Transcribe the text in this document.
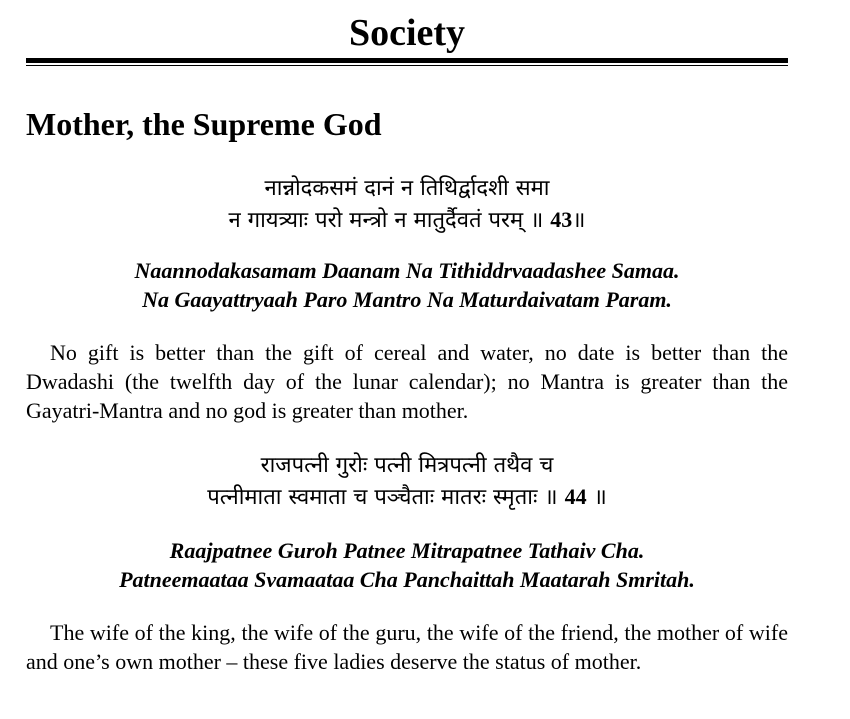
Society
Mother, the Supreme God
नान्नोदकसमं दानं न तिथिर्द्वादशी समा
न गायत्र्याः परो मन्त्रो न मातुर्दैवतं परम् ॥ 43॥
Naannodakasamam Daanam Na Tithiddrvaadashee Samaa.
Na Gaayattryaah Paro Mantro Na Maturdaivatam Param.

No gift is better than the gift of cereal and water, no date is better than the Dwadashi (the twelfth day of the lunar calendar); no Mantra is greater than the Gayatri-Mantra and no god is greater than mother.

राजपत्नी गुरोः पत्नी मित्रपत्नी तथैव च
पत्नीमाता स्वमाता च पञ्चैताः मातरः स्मृताः ॥ 44 ॥
Raajpatnee Guroh Patnee Mitrapatnee Tathaiv Cha.
Patneemaataa Svamaataa Cha Panchaittah Maatarah Smritah.

The wife of the king, the wife of the guru, the wife of the friend, the mother of wife and one’s own mother – these five ladies deserve the status of mother.
